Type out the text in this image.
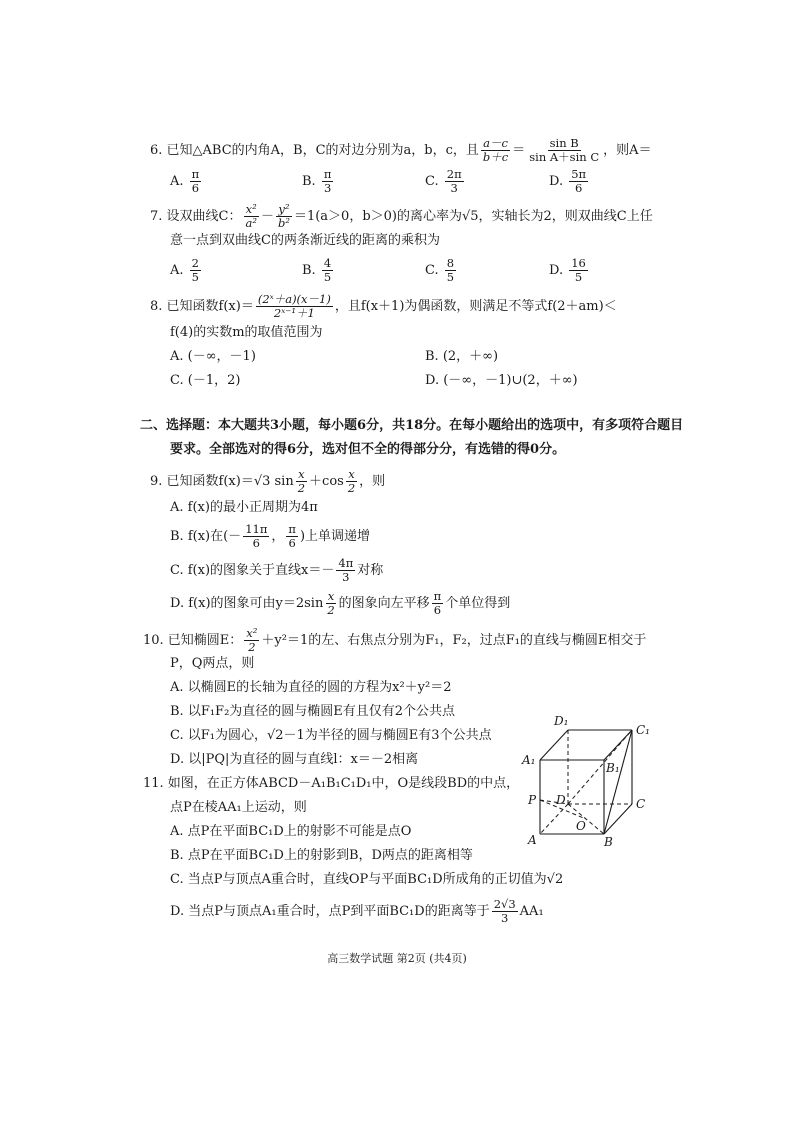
6. 已知△ABC的内角A，B，C的对边分别为a，b，c，且 $\frac{a-c}{b+c} = \frac{\text{sin B}}{\text{sin A＋sin C}}$ ，则A＝
A. $\frac{\pi}{6}$	B. $\frac{\pi}{3}$	C. $\frac{2\pi}{3}$	D. $\frac{5\pi}{6}$
7. 设双曲线C： $\frac{\text{x²}}{\text{a²}} - \frac{\text{y²}}{\text{b²}} =1(a>0$，b＞0)的离心率为√5，实轴长为2，则双曲线C上任
意一点到双曲线C的两条渐近线的距离的乘积为
A. $\frac{2}{5}$	B. $\frac{4}{5}$	C. $\frac{8}{5}$	D. $\frac{16}{5}$
8. 已知函数$f(x)= \frac{\text{(2ˣ＋a)(x－1)}}{\text{2ˣ⁻¹＋1}}$ ，且f(x＋1)为偶函数，则满足不等式f(2＋am)＜
f(4)的实数m的取值范围为
A. (－∞，－1)	B. (2，＋∞)
C. (－1，2)	D. (－∞，－1)∪(2，＋∞)
二、选择题：本大题共3小题，每小题6分，共18分。在每小题给出的选项中，有多项符合题目
要求。全部选对的得6分，选对但不全的得部分分，有选错的得0分。
9. 已知函数f(x)＝√3 $\sin \frac{x}{2} +\cos \frac{x}{2}$ ，则
A. f(x)的最小正周期为4π
B. f(x)在(－ $\frac{11\pi}{6}$ ， $\frac{\pi}{6}$ )上单调递增
C. f(x)的图象关于直线$x=- \frac{4\pi}{3}$ 对称
D. f(x)的图象可由$y=2\sin \frac{x}{2}$ 的图象向左平移 $\frac{\pi}{6}$ 个单位得到
10. 已知椭圆E： $\frac{\text{x²}}{2} +y^2=1$的左、右焦点分别为F₁，F₂，过点F₁的直线与椭圆E相交于
P，Q两点，则
A. 以椭圆E的长轴为直径的圆的方程为x²＋y²＝2
B. 以F₁F₂为直径的圆与椭圆E有且仅有2个公共点
C. 以F₁为圆心，√2－1为半径的圆与椭圆E有3个公共点
D. 以|PQ|为直径的圆与直线l：x＝－2相离
11. 如图，在正方体ABCD－A₁B₁C₁D₁中，O是线段BD的中点，
点P在棱AA₁上运动，则
A. 点P在平面BC₁D上的射影不可能是点O
B. 点P在平面BC₁D上的射影到B，D两点的距离相等
C. 当点P与顶点A重合时，直线OP与平面BC₁D所成角的正切值为√2
D. 当点P与顶点A₁重合时，点P到平面BC₁D的距离等于 $\frac{2√3}{3} AA_1$
D₁
C₁
A₁
B₁
P D	C
O
A	B
高三数学试题 第2页 (共4页)
